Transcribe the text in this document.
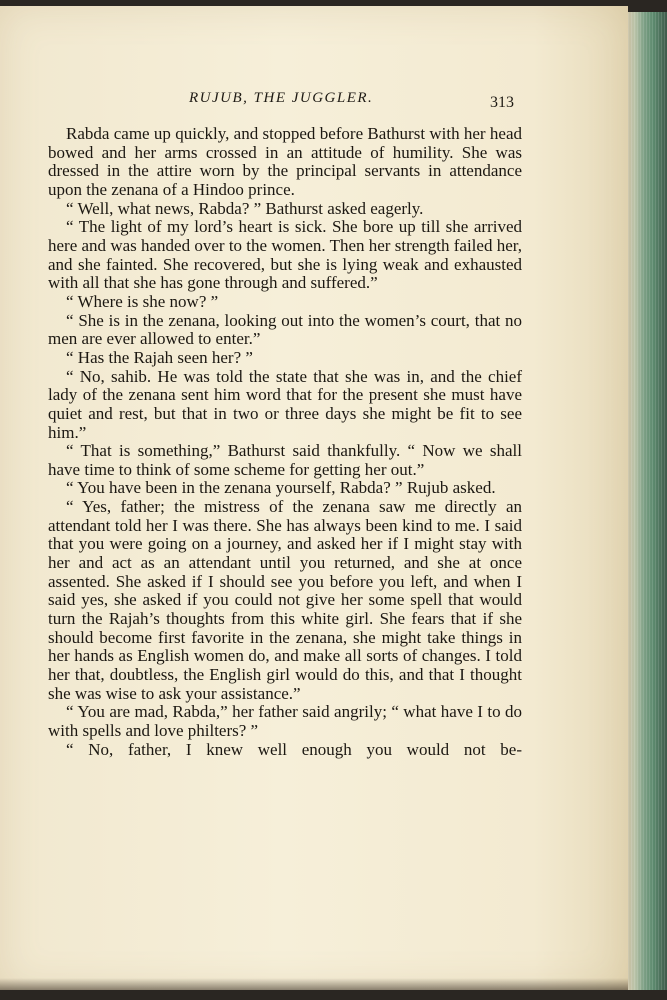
RUJUB, THE JUGGLER.	313

Rabda came up quickly, and stopped before Bathurst with her head bowed and her arms crossed in an attitude of humility. She was dressed in the attire worn by the principal servants in attendance upon the zenana of a Hindoo prince.

“ Well, what news, Rabda? ” Bathurst asked eagerly.

“ The light of my lord’s heart is sick. She bore up till she arrived here and was handed over to the women. Then her strength failed her, and she fainted. She recovered, but she is lying weak and exhausted with all that she has gone through and suffered.”

“ Where is she now? ”

“ She is in the zenana, looking out into the women’s court, that no men are ever allowed to enter.”

“ Has the Rajah seen her? ”

“ No, sahib. He was told the state that she was in, and the chief lady of the zenana sent him word that for the present she must have quiet and rest, but that in two or three days she might be fit to see him.”

“ That is something,” Bathurst said thankfully. “ Now we shall have time to think of some scheme for getting her out.”

“ You have been in the zenana yourself, Rabda? ” Rujub asked.

“ Yes, father; the mistress of the zenana saw me directly an attendant told her I was there. She has always been kind to me. I said that you were going on a journey, and asked her if I might stay with her and act as an attendant until you returned, and she at once assented. She asked if I should see you before you left, and when I said yes, she asked if you could not give her some spell that would turn the Rajah’s thoughts from this white girl. She fears that if she should become first favorite in the zenana, she might take things in her hands as English women do, and make all sorts of changes. I told her that, doubtless, the English girl would do this, and that I thought she was wise to ask your assistance.”

“ You are mad, Rabda,” her father said angrily; “ what have I to do with spells and love philters? ”

“ No, father, I knew well enough you would not be-
